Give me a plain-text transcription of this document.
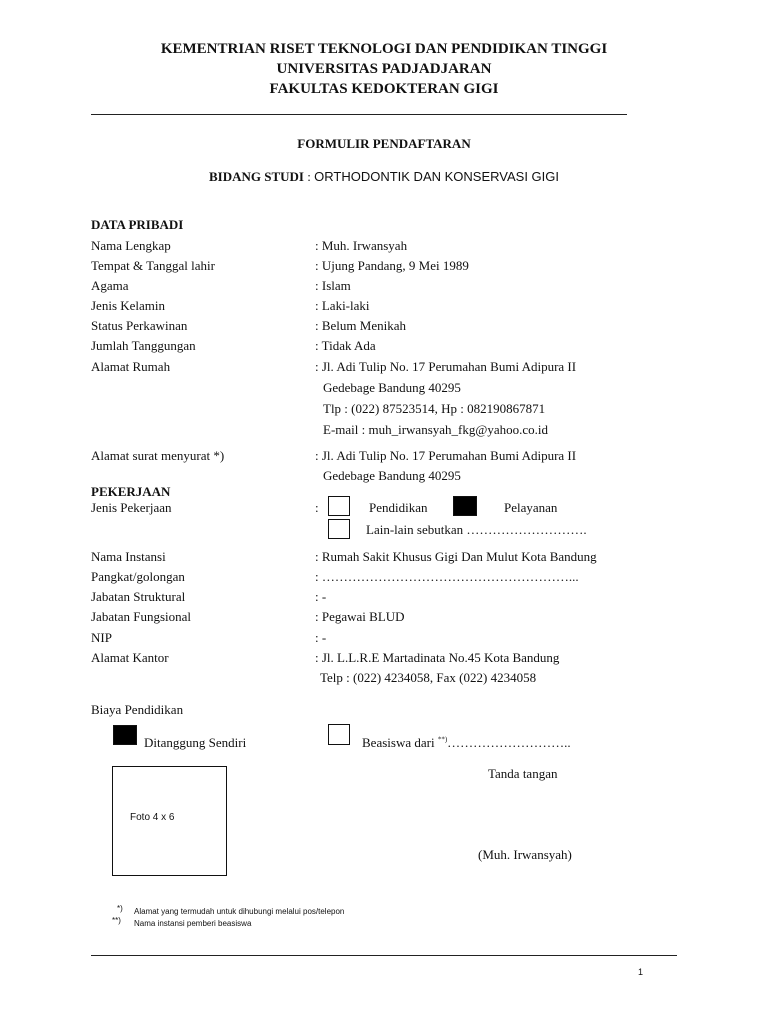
KEMENTRIAN RISET TEKNOLOGI DAN PENDIDIKAN TINGGI
UNIVERSITAS PADJADJARAN
FAKULTAS KEDOKTERAN GIGI
FORMULIR PENDAFTARAN
BIDANG STUDI : ORTHODONTIK DAN KONSERVASI GIGI
DATA PRIBADI
Nama Lengkap	: Muh. Irwansyah
Tempat & Tanggal lahir	: Ujung Pandang, 9 Mei 1989
Agama	: Islam
Jenis Kelamin	: Laki-laki
Status Perkawinan	: Belum Menikah
Jumlah Tanggungan	: Tidak Ada
Alamat Rumah	: Jl. Adi Tulip No. 17 Perumahan Bumi Adipura II
Gedebage Bandung 40295
Tlp : (022) 87523514, Hp : 082190867871
E-mail : muh_irwansyah_fkg@yahoo.co.id
Alamat surat menyurat *)	: Jl. Adi Tulip No. 17 Perumahan Bumi Adipura II
Gedebage Bandung 40295
PEKERJAAN
Jenis Pekerjaan	:	Pendidikan	Pelayanan
Lain-lain sebutkan ……………………….
Nama Instansi	: Rumah Sakit Khusus Gigi Dan Mulut Kota Bandung
Pangkat/golongan	: …………………………………………………...
Jabatan Struktural	: -
Jabatan Fungsional	: Pegawai BLUD
NIP	: -
Alamat Kantor	: Jl. L.L.R.E Martadinata No.45 Kota Bandung
Telp : (022) 4234058, Fax (022) 4234058
Biaya Pendidikan
Ditanggung Sendiri	Beasiswa dari **)………………………..
Foto 4 x 6
Tanda tangan
(Muh. Irwansyah)
*) Alamat yang termudah untuk dihubungi melalui pos/telepon
**) Nama instansi pemberi beasiswa
1
